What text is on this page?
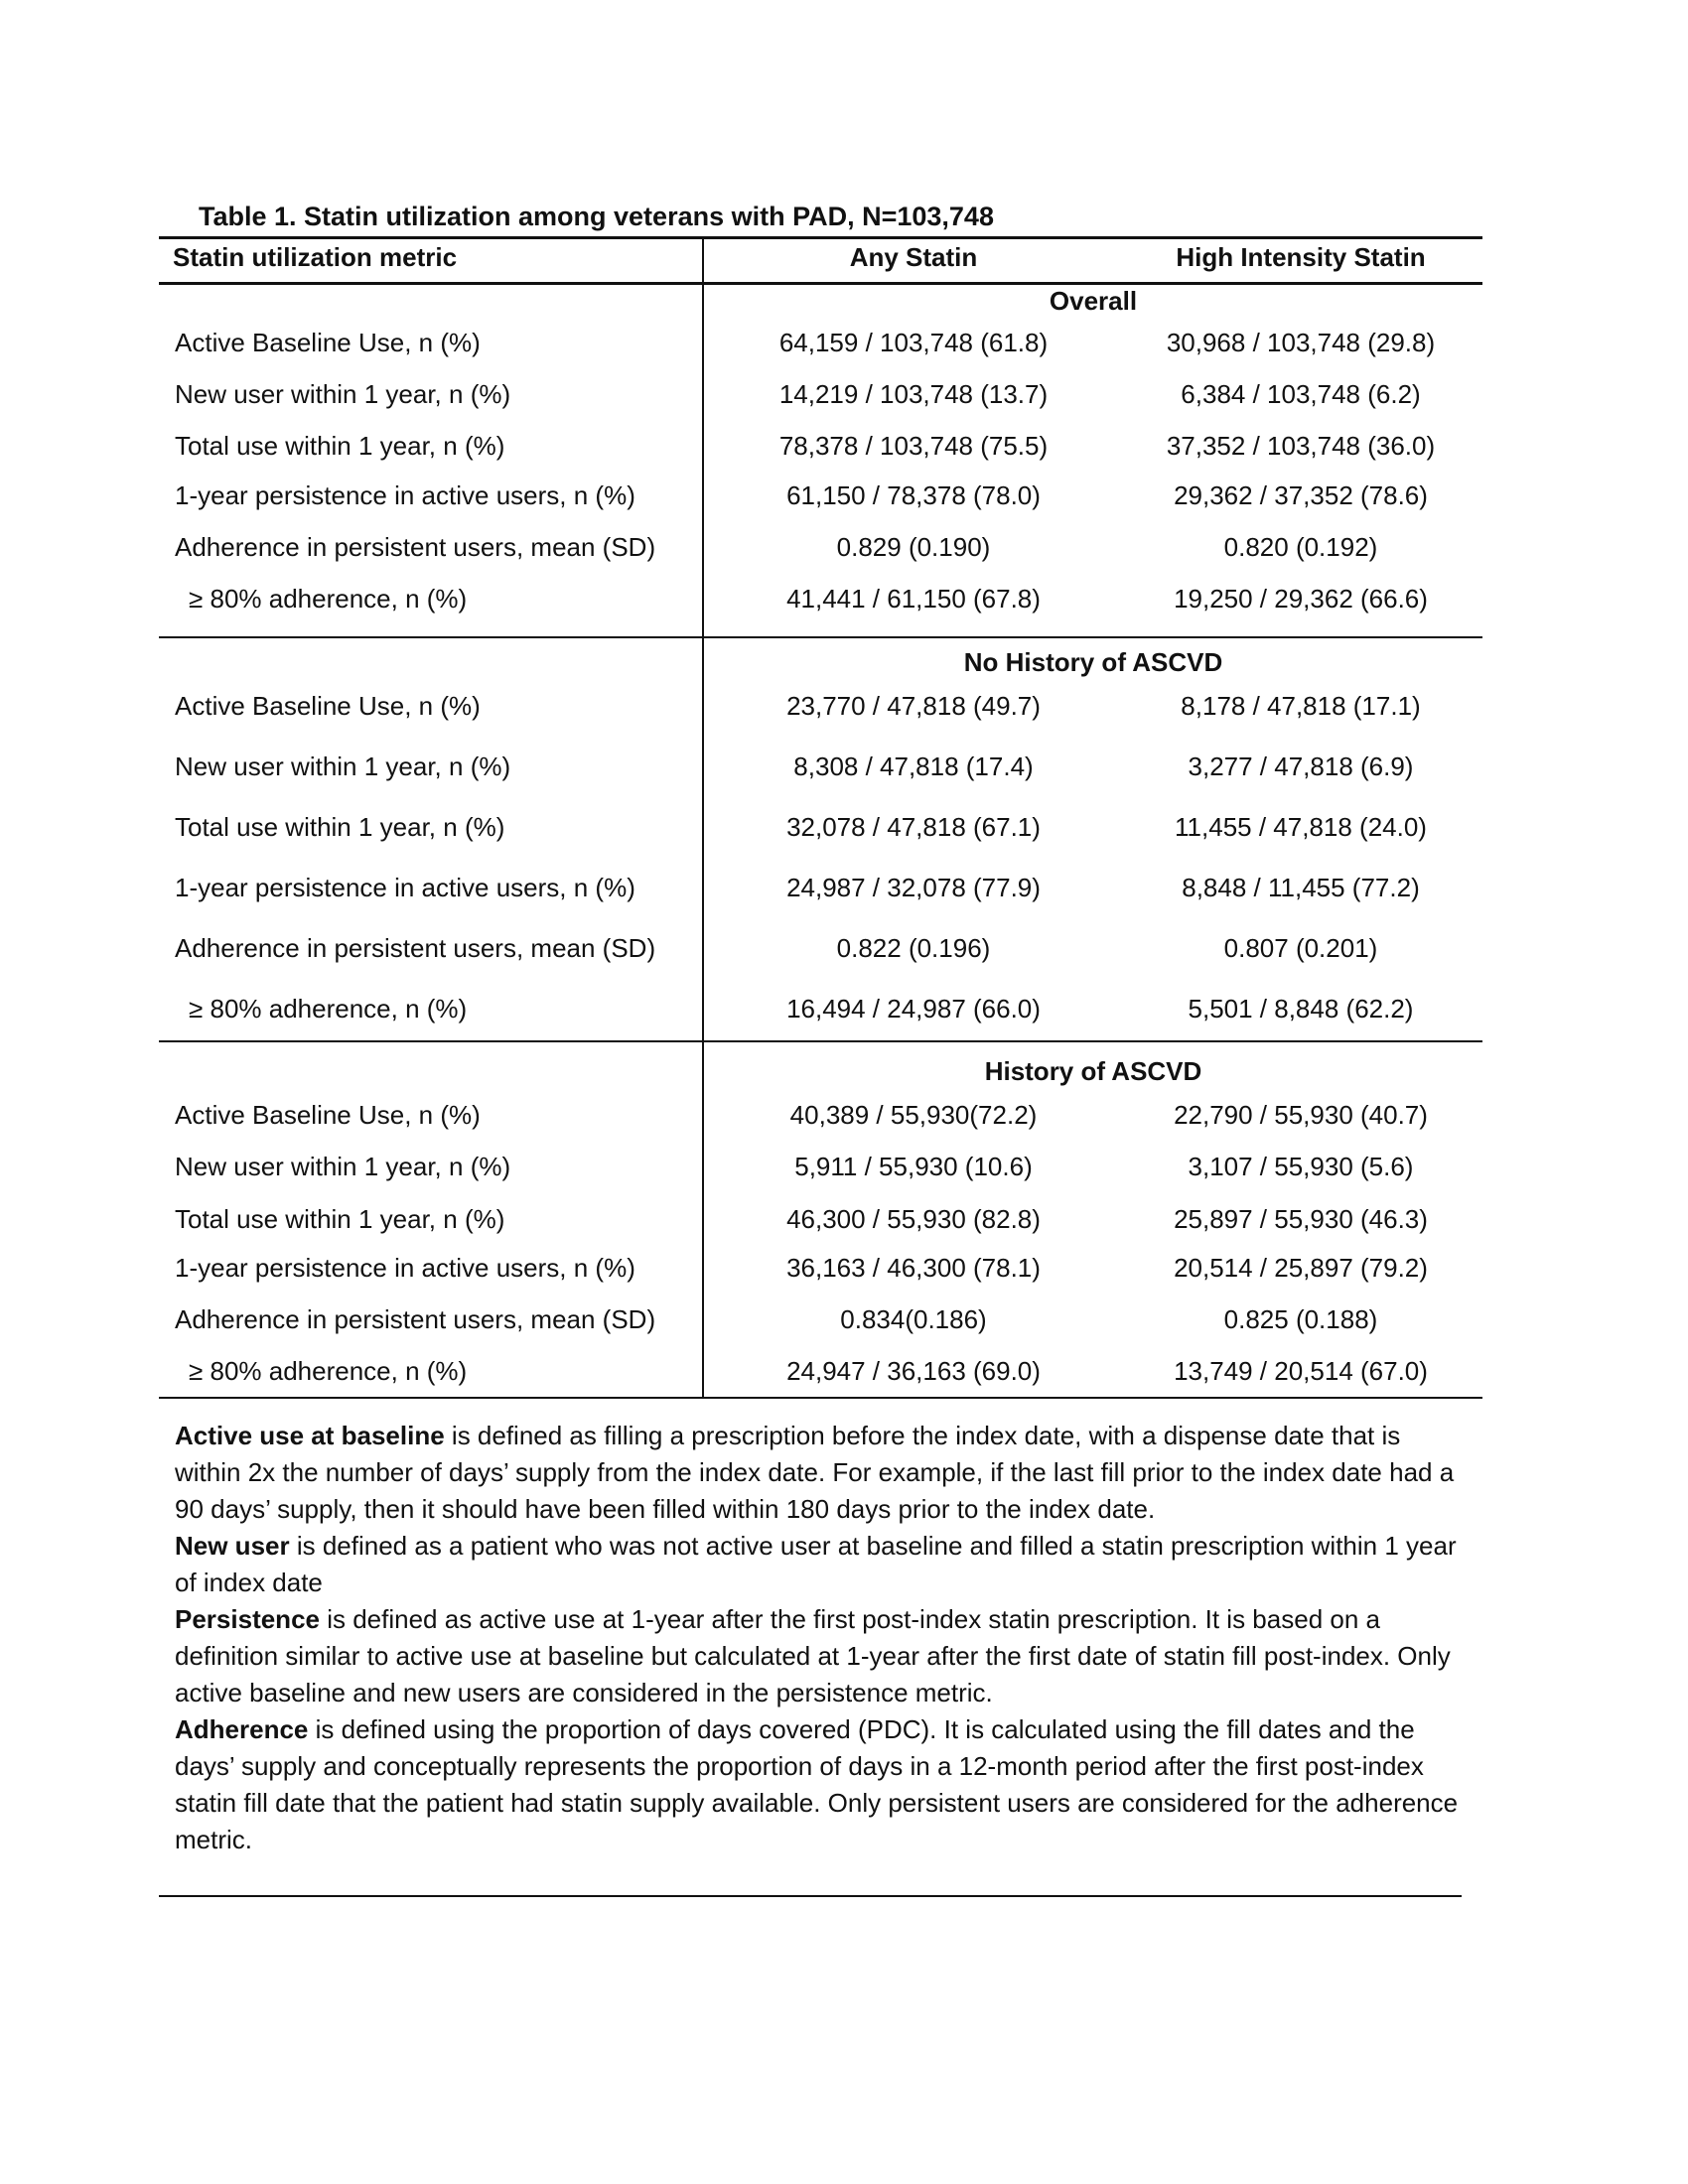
Table 1. Statin utilization among veterans with PAD, N=103,748
Statin utilization metric	Any Statin	High Intensity Statin
Overall
Active Baseline Use, n (%)	64,159 / 103,748 (61.8)	30,968 / 103,748 (29.8)
New user within 1 year, n (%)	14,219 / 103,748 (13.7)	6,384 / 103,748 (6.2)
Total use within 1 year, n (%)	78,378 / 103,748 (75.5)	37,352 / 103,748 (36.0)
1-year persistence in active users, n (%)	61,150 / 78,378 (78.0)	29,362 / 37,352 (78.6)
Adherence in persistent users, mean (SD)	0.829 (0.190)	0.820 (0.192)
≥ 80% adherence, n (%)	41,441 / 61,150 (67.8)	19,250 / 29,362 (66.6)
No History of ASCVD
Active Baseline Use, n (%)	23,770 / 47,818 (49.7)	8,178 / 47,818 (17.1)
New user within 1 year, n (%)	8,308 / 47,818 (17.4)	3,277 / 47,818 (6.9)
Total use within 1 year, n (%)	32,078 / 47,818 (67.1)	11,455 / 47,818 (24.0)
1-year persistence in active users, n (%)	24,987 / 32,078 (77.9)	8,848 / 11,455 (77.2)
Adherence in persistent users, mean (SD)	0.822 (0.196)	0.807 (0.201)
≥ 80% adherence, n (%)	16,494 / 24,987 (66.0)	5,501 / 8,848 (62.2)
History of ASCVD
Active Baseline Use, n (%)	40,389 / 55,930(72.2)	22,790 / 55,930 (40.7)
New user within 1 year, n (%)	5,911 / 55,930 (10.6)	3,107 / 55,930 (5.6)
Total use within 1 year, n (%)	46,300 / 55,930 (82.8)	25,897 / 55,930 (46.3)
1-year persistence in active users, n (%)	36,163 / 46,300 (78.1)	20,514 / 25,897 (79.2)
Adherence in persistent users, mean (SD)	0.834(0.186)	0.825 (0.188)
≥ 80% adherence, n (%)	24,947 / 36,163 (69.0)	13,749 / 20,514 (67.0)

Active use at baseline is defined as filling a prescription before the index date, with a dispense date that is within 2x the number of days’ supply from the index date. For example, if the last fill prior to the index date had a 90 days’ supply, then it should have been filled within 180 days prior to the index date.

New user is defined as a patient who was not active user at baseline and filled a statin prescription within 1 year of index date

Persistence is defined as active use at 1-year after the first post-index statin prescription. It is based on a definition similar to active use at baseline but calculated at 1-year after the first date of statin fill post-index. Only active baseline and new users are considered in the persistence metric.

Adherence is defined using the proportion of days covered (PDC). It is calculated using the fill dates and the days’ supply and conceptually represents the proportion of days in a 12-month period after the first post-index statin fill date that the patient had statin supply available. Only persistent users are considered for the adherence metric.
